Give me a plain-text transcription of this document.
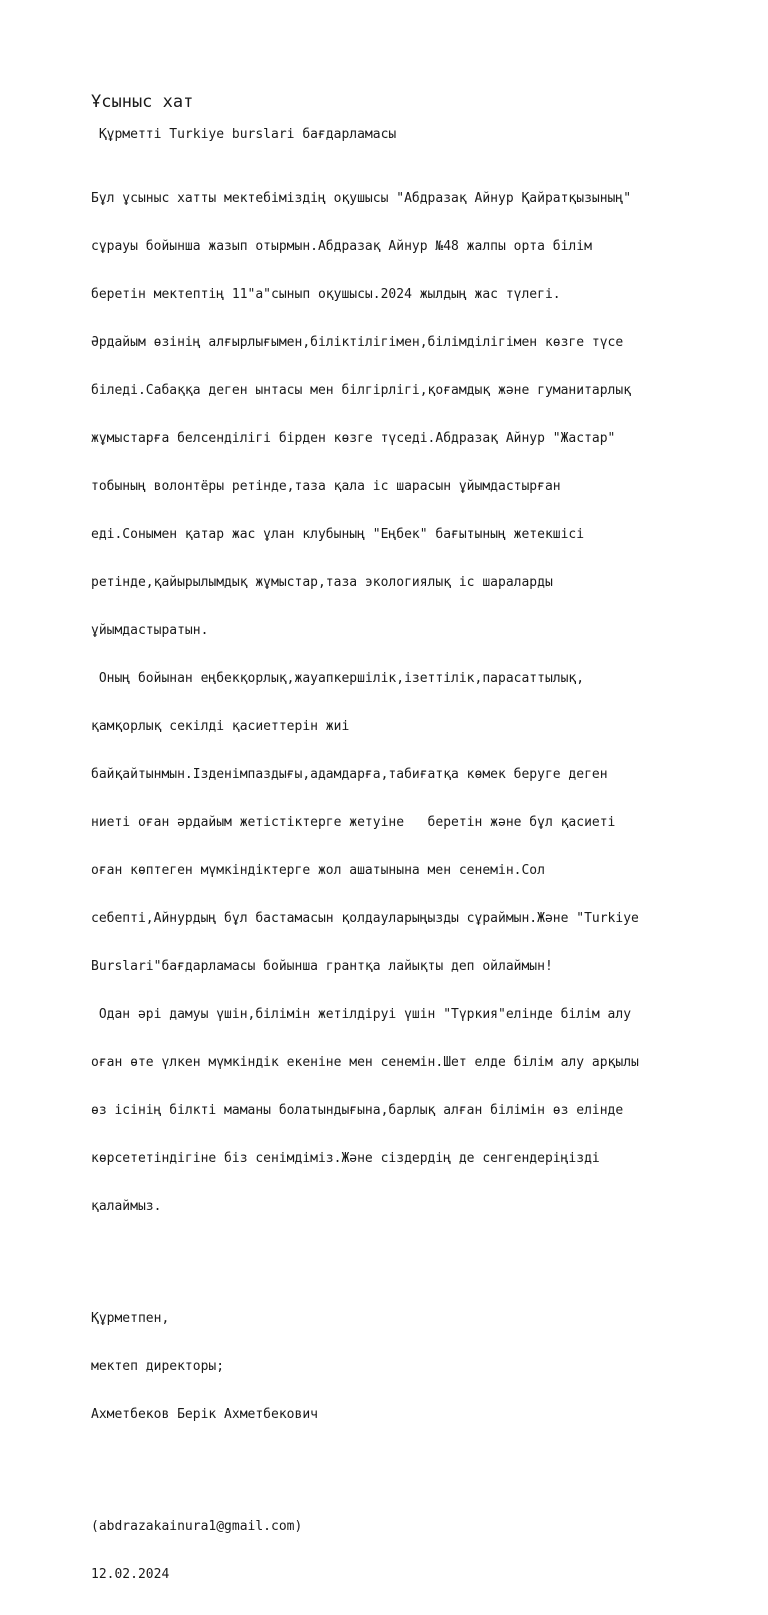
Ұсыныс хат

Құрметті Turkiye burslari бағдарламасы

Бұл ұсыныс хатты мектебіміздің оқушысы "Абдразақ Айнур Қайратқызының"

сұрауы бойынша жазып отырмын.Абдразақ Айнур №48 жалпы орта білім

беретін мектептің 11"а"сынып оқушысы.2024 жылдың жас түлегі.

Әрдайым өзінің алғырлығымен,біліктілігімен,білімділігімен көзге түсе

біледі.Сабаққа деген ынтасы мен білгірлігі,қоғамдық және гуманитарлық

жұмыстарға белсенділігі бірден көзге түседі.Абдразақ Айнур "Жастар"

тобының волонтёры ретінде,таза қала іс шарасын ұйымдастырған

еді.Сонымен қатар жас ұлан клубының "Еңбек" бағытының жетекшісі

ретінде,қайырылымдық жұмыстар,таза экологиялық іс шараларды

ұйымдастыратын.

Оның бойынан еңбекқорлық,жауапкершілік,ізеттілік,парасаттылық,

қамқорлық секілді қасиеттерін жиі

байқайтынмын.Ізденімпаздығы,адамдарға,табиғатқа көмек беруге деген

ниеті оған әрдайым жетістіктерге жетуіне   беретін және бұл қасиеті

оған көптеген мүмкіндіктерге жол ашатынына мен сенемін.Сол

себепті,Айнурдың бұл бастамасын қолдауларыңызды сұраймын.Және "Turkiye

Burslari"бағдарламасы бойынша грантқа лайықты деп ойлаймын!

Одан әрі дамуы үшін,білімін жетілдіруі үшін "Түркия"елінде білім алу

оған өте үлкен мүмкіндік екеніне мен сенемін.Шет елде білім алу арқылы

өз ісінің білкті маманы болатындығына,барлық алған білімін өз елінде

көрсететіндігіне біз сенімдіміз.Және сіздердің де сенгендеріңізді

қалаймыз.

Құрметпен,

мектеп директоры;

Ахметбеков Берік Ахметбекович

(abdrazakainura1@gmail.com)

12.02.2024
